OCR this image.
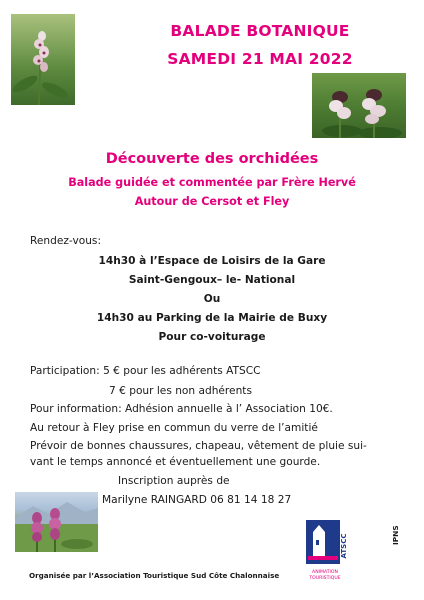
BALADE BOTANIQUE
SAMEDI 21 MAI 2022
Découverte des orchidées
Balade guidée et commentée par Frère Hervé
Autour de Cersot et Fley
Rendez-vous:
14h30 à l’Espace de Loisirs de la Gare
Saint-Gengoux– le- National
Ou
14h30 au Parking de la Mairie de Buxy
Pour co-voiturage
Participation: 5 € pour les adhérents ATSCC
7 € pour les non adhérents
Pour information: Adhésion annuelle à l’ Association 10€.
Au retour à Fley prise en commun du verre de l’amitié
Prévoir de bonnes chaussures, chapeau, vêtement de pluie sui-
vant le temps annoncé et éventuellement une gourde.
Inscription auprès de
Marilyne RAINGARD 06 81 14 18 27
ATSCC
ANIMATION
TOURISTIQUE
Organisée par l’Association Touristique Sud Côte Chalonnaise
IPNS
